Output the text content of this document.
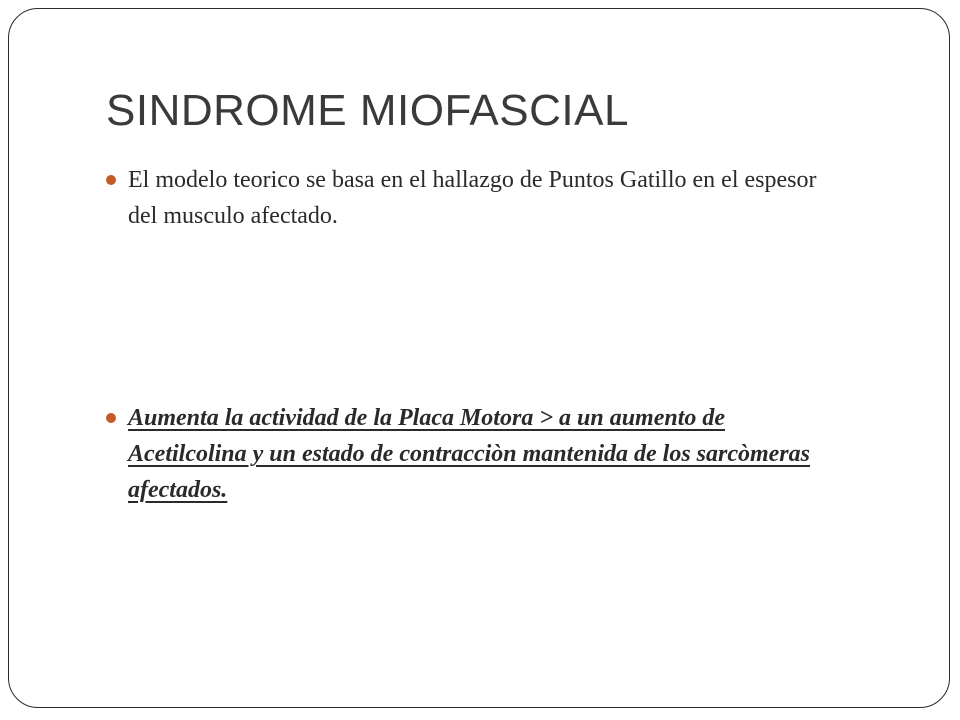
SINDROME MIOFASCIAL
El modelo teorico se basa en el hallazgo de Puntos Gatillo en el espesor del musculo afectado.
Aumenta la actividad de la Placa Motora > a un aumento de Acetilcolina y un estado de contracciòn mantenida de los sarcòmeras afectados.
